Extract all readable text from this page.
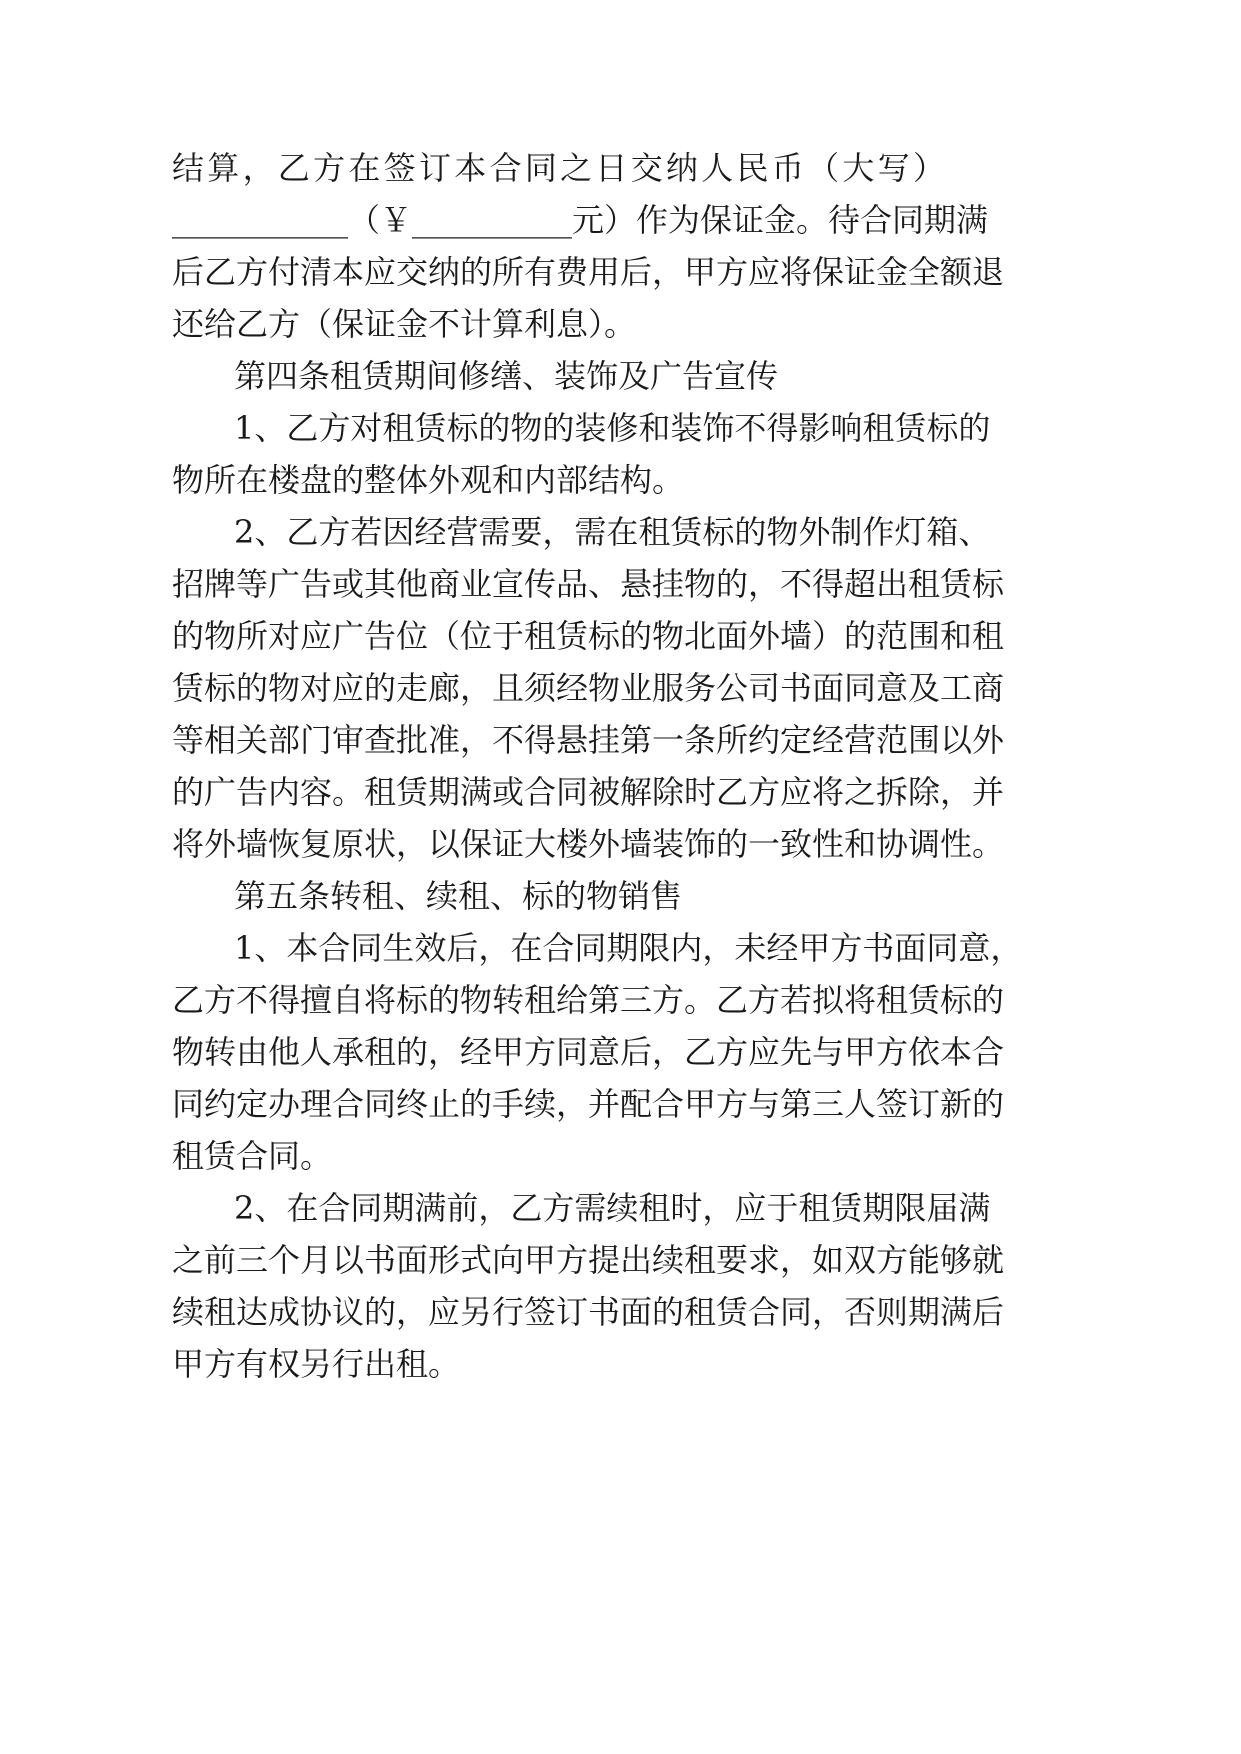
结算，乙方在签订本合同之日交纳人民币（大写）
___________（￥__________元）作为保证金。待合同期满
后乙方付清本应交纳的所有费用后，甲方应将保证金全额退
还给乙方（保证金不计算利息）。
第四条租赁期间修缮、装饰及广告宣传
1、乙方对租赁标的物的装修和装饰不得影响租赁标的
物所在楼盘的整体外观和内部结构。
2、乙方若因经营需要，需在租赁标的物外制作灯箱、
招牌等广告或其他商业宣传品、悬挂物的，不得超出租赁标
的物所对应广告位（位于租赁标的物北面外墙）的范围和租
赁标的物对应的走廊，且须经物业服务公司书面同意及工商
等相关部门审查批准，不得悬挂第一条所约定经营范围以外
的广告内容。租赁期满或合同被解除时乙方应将之拆除，并
将外墙恢复原状，以保证大楼外墙装饰的一致性和协调性。
第五条转租、续租、标的物销售
1、本合同生效后，在合同期限内，未经甲方书面同意，
乙方不得擅自将标的物转租给第三方。乙方若拟将租赁标的
物转由他人承租的，经甲方同意后，乙方应先与甲方依本合
同约定办理合同终止的手续，并配合甲方与第三人签订新的
租赁合同。
2、在合同期满前，乙方需续租时，应于租赁期限届满
之前三个月以书面形式向甲方提出续租要求，如双方能够就
续租达成协议的，应另行签订书面的租赁合同，否则期满后
甲方有权另行出租。
